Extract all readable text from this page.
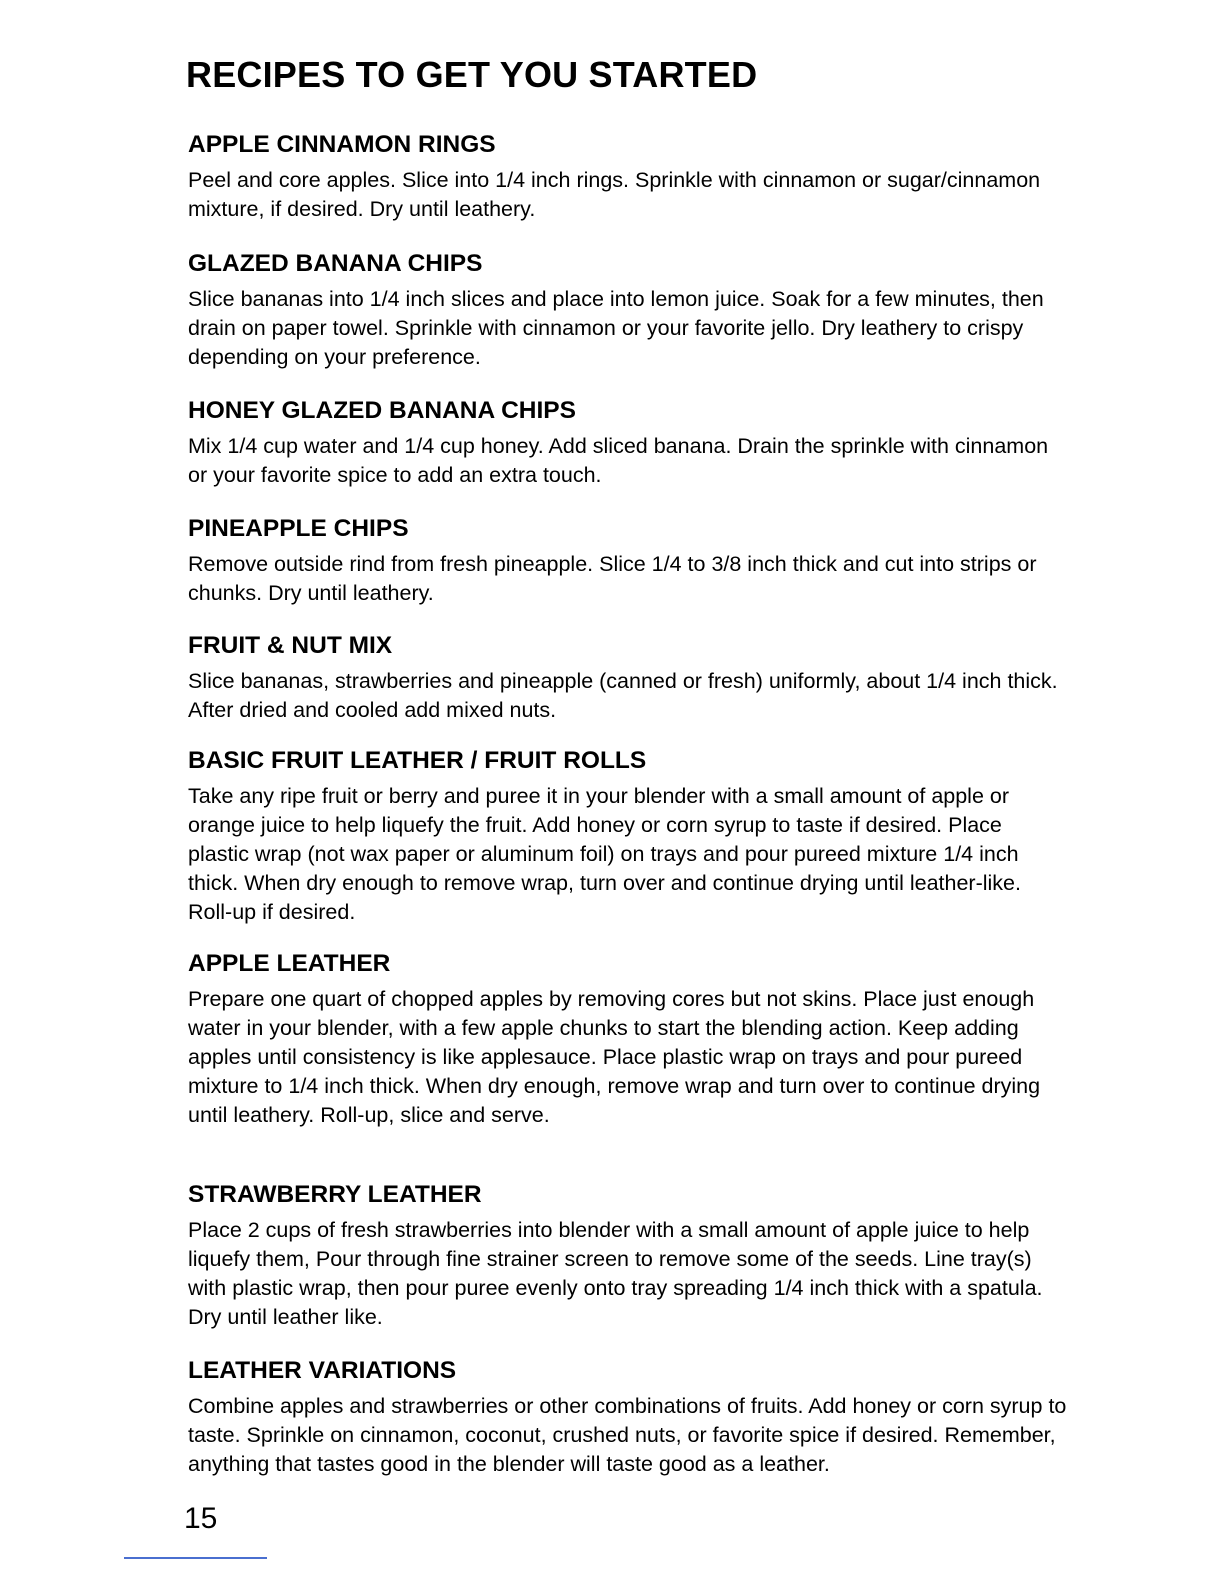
RECIPES TO GET YOU STARTED
APPLE CINNAMON RINGS

Peel and core apples. Slice into 1/4 inch rings. Sprinkle with cinnamon or sugar/cinnamon mixture, if desired. Dry until leathery.

GLAZED BANANA CHIPS

Slice bananas into 1/4 inch slices and place into lemon juice. Soak for a few minutes, then drain on paper towel. Sprinkle with cinnamon or your favorite jello. Dry leathery to crispy depending on your preference.

HONEY GLAZED BANANA CHIPS

Mix 1/4 cup water and 1/4 cup honey. Add sliced banana. Drain the sprinkle with cinnamon or your favorite spice to add an extra touch.

PINEAPPLE CHIPS

Remove outside rind from fresh pineapple. Slice 1/4 to 3/8 inch thick and cut into strips or chunks. Dry until leathery.

FRUIT & NUT MIX

Slice bananas, strawberries and pineapple (canned or fresh) uniformly, about 1/4 inch thick. After dried and cooled add mixed nuts.

BASIC FRUIT LEATHER / FRUIT ROLLS

Take any ripe fruit or berry and puree it in your blender with a small amount of apple or orange juice to help liquefy the fruit. Add honey or corn syrup to taste if desired. Place plastic wrap (not wax paper or aluminum foil) on trays and pour pureed mixture 1/4 inch thick. When dry enough to remove wrap, turn over and continue drying until leather-like. Roll-up if desired.

APPLE LEATHER

Prepare one quart of chopped apples by removing cores but not skins. Place just enough water in your blender, with a few apple chunks to start the blending action. Keep adding apples until consistency is like applesauce. Place plastic wrap on trays and pour pureed mixture to 1/4 inch thick. When dry enough, remove wrap and turn over to continue drying until leathery. Roll-up, slice and serve.

STRAWBERRY LEATHER

Place 2 cups of fresh strawberries into blender with a small amount of apple juice to help liquefy them, Pour through fine strainer screen to remove some of the seeds. Line tray(s) with plastic wrap, then pour puree evenly onto tray spreading 1/4 inch thick with a spatula. Dry until leather like.

LEATHER VARIATIONS

Combine apples and strawberries or other combinations of fruits. Add honey or corn syrup to taste. Sprinkle on cinnamon, coconut, crushed nuts, or favorite spice if desired. Remember, anything that tastes good in the blender will taste good as a leather.

15
